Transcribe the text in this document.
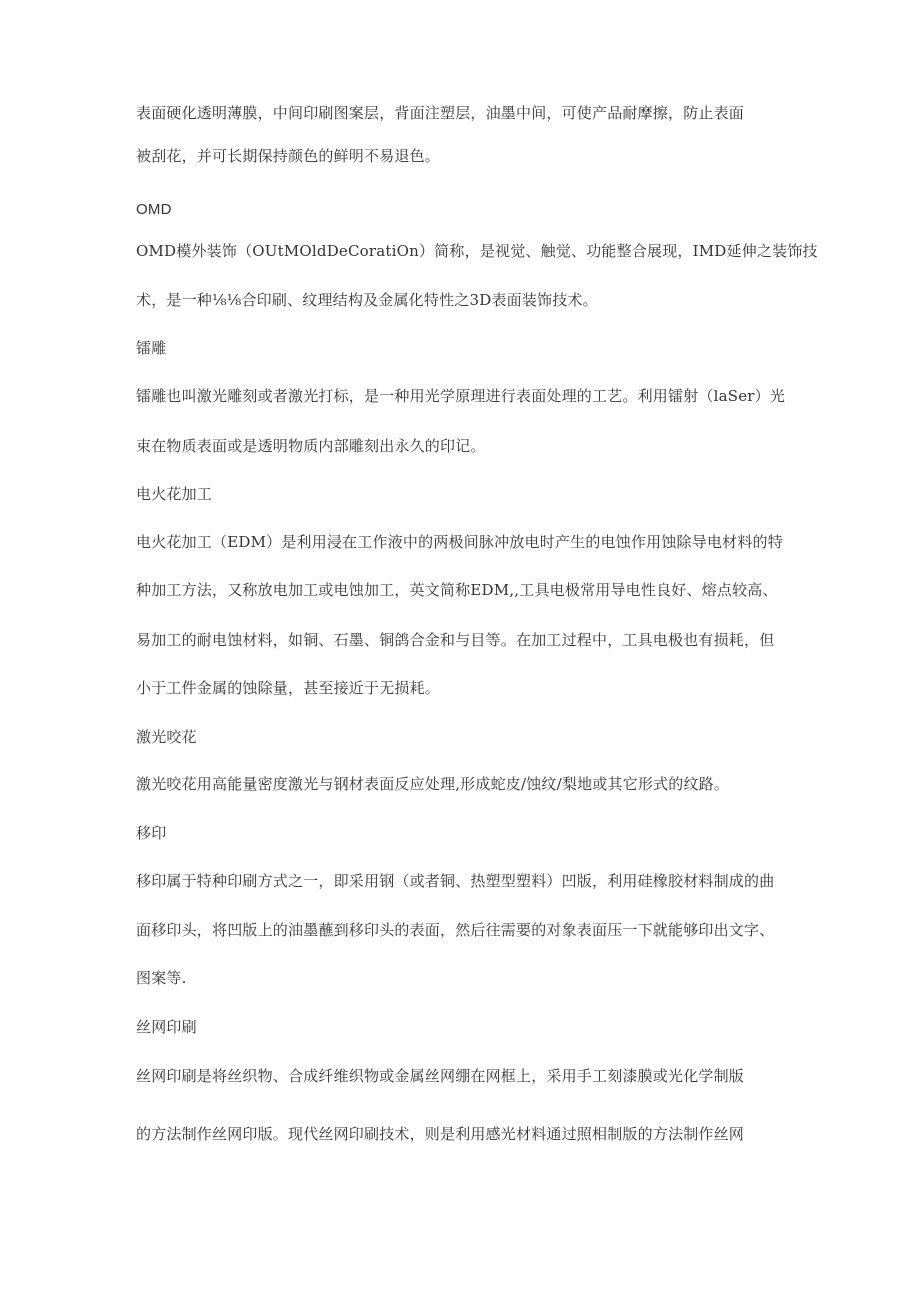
表面硬化透明薄膜，中间印刷图案层，背面注塑层，油墨中间，可使产品耐摩擦，防止表面

被刮花，并可长期保持颜色的鲜明不易退色。

OMD

OMD模外装饰（OUtMOldDeCoratiOn）简称，是视觉、触觉、功能整合展现，IMD延伸之装饰技

术，是一种⅛⅛合印刷、纹理结构及金属化特性之3D表面装饰技术。

镭雕

镭雕也叫激光雕刻或者激光打标，是一种用光学原理进行表面处理的工艺。利用镭射（laSer）光

束在物质表面或是透明物质内部雕刻出永久的印记。

电火花加工

电火花加工（EDM）是利用浸在工作液中的两极间脉冲放电时产生的电蚀作用蚀除导电材料的特

种加工方法，又称放电加工或电蚀加工，英文简称EDM,,工具电极常用导电性良好、熔点较高、

易加工的耐电蚀材料，如铜、石墨、铜鸽合金和与目等。在加工过程中，工具电极也有损耗，但

小于工件金属的蚀除量，甚至接近于无损耗。

激光咬花

激光咬花用高能量密度激光与钢材表面反应处理,形成蛇皮/蚀纹/梨地或其它形式的纹路。

移印

移印属于特种印刷方式之一，即采用钢（或者铜、热塑型塑料）凹版，利用硅橡胶材料制成的曲

面移印头，将凹版上的油墨蘸到移印头的表面，然后往需要的对象表面压一下就能够印出文字、

图案等.

丝网印刷

丝网印刷是将丝织物、合成纤维织物或金属丝网绷在网框上，采用手工刻漆膜或光化学制版

的方法制作丝网印版。现代丝网印刷技术，则是利用感光材料通过照相制版的方法制作丝网
